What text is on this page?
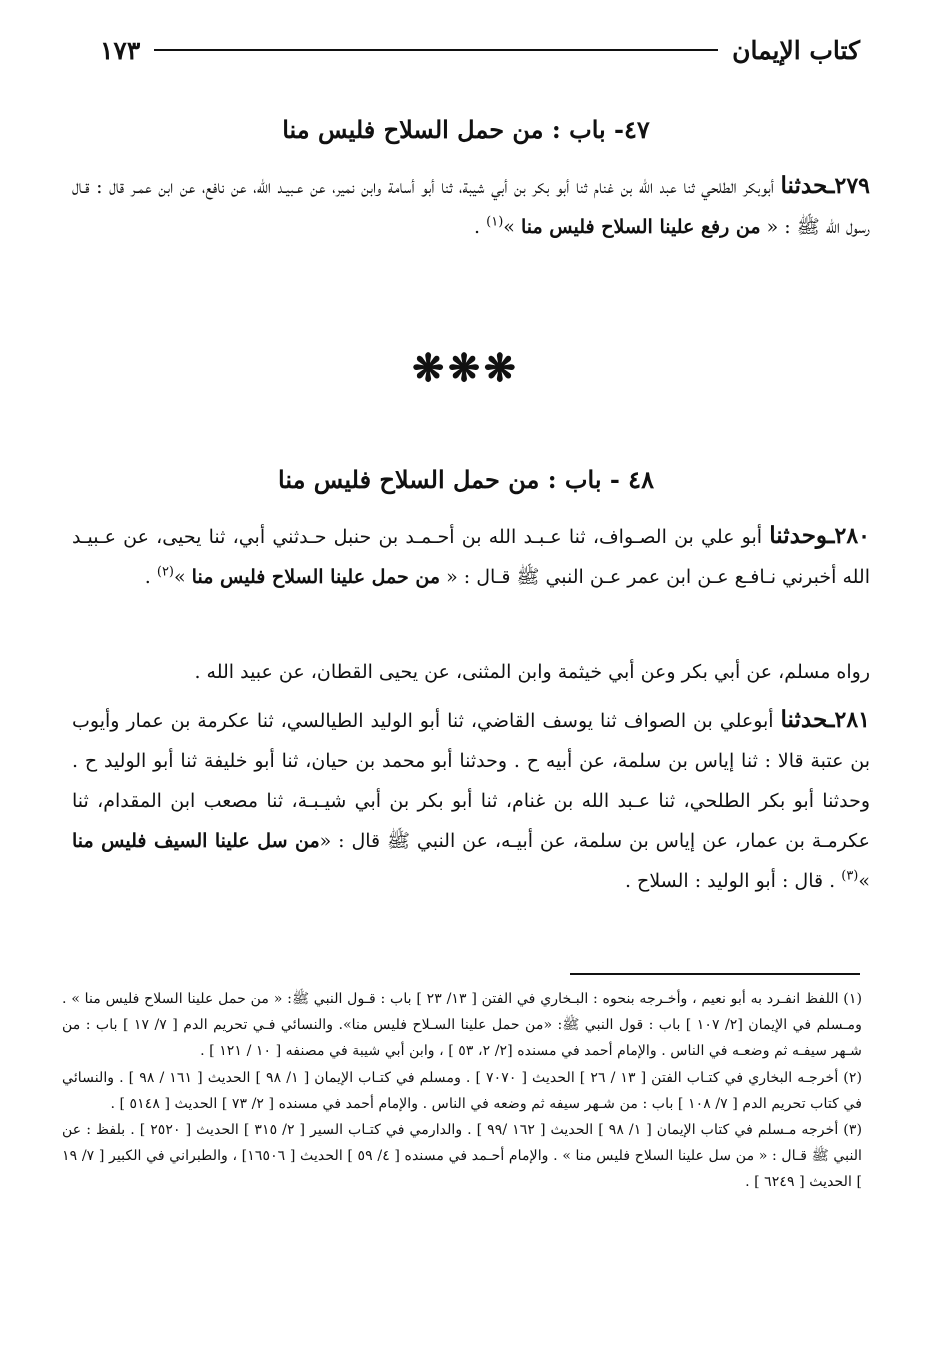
كتاب الإيمان
١٧٣
٤٧- باب : من حمل السلاح فليس منا
٢٧٩ـحدثنا أبوبكر الطلحي ثنا عبد الله بن غنام ثنا أبو بكر بن أبي شيبة، ثنا أبو أسامة وابن نمير، عن عـبيـد الله، عن نافع، عن ابن عمـر قال : قـال رسول الله ﷺ : « من رفع علينا السلاح فليس منا »$^{(١)}$ .
❋❋❋
٤٨ - باب : من حمل السلاح فليس منا
٢٨٠ـوحدثنا أبو علي بن الصـواف، ثنا عـبـد الله بن أحـمـد بن حنبل حـدثني أبي، ثنا يحيى، عن عـبيـد الله أخبرني نـافـع عـن ابن عمر عـن النبي ﷺ قـال : « من حمل علينا السلاح فليس منا »$^{(٢)}$ .
رواه مسلم، عن أبي بكر وعن أبي خيثمة وابن المثنى، عن يحيى القطان، عن عبيد الله .
٢٨١ـحدثنا أبوعلي بن الصواف ثنا يوسف القاضي، ثنا أبو الوليد الطيالسي، ثنا عكرمة بن عمار وأيوب بن عتبة قالا : ثنا إياس بن سلمة، عن أبيه ح . وحدثنا أبو محمد بن حيان، ثنا أبو خليفة ثنا أبو الوليد ح . وحدثنا أبو بكر الطلحي، ثنا عـبد الله بن غنام، ثنا أبو بكر بن أبي شيـبـة، ثنا مصعب ابن المقدام، ثنا عكرمـة بن عمار، عن إياس بن سلمة، عن أبيـه، عن النبي ﷺ قال : «من سل علينا السيف فليس منا »$^{(٣)}$ . قال : أبو الوليد : السلاح .

(١) اللفظ انفـرد به أبو نعيم ، وأخـرجه بنحوه : البـخاري في الفتن [ ١٣/ ٢٣ ] باب : قـول النبي ﷺ: « من حمل علينا السلاح فليس منا » . ومـسلم في الإيمان [٢/ ١٠٧ ] باب : قول النبي ﷺ: «من حمل علينا السـلاح فليس منا». والنسائي فـي تحريم الدم [ ٧/ ١٧ ] باب : من شـهر سيفـه ثم وضعـه في الناس . والإمام أحمد في مسنده [٢/ ٢، ٥٣ ] ، وابن أبي شيبة في مصنفه [ ١٠ / ١٢١ ] .

(٢) أخرجـه البخاري في كتـاب الفتن [ ١٣ / ٢٦ ] الحديث [ ٧٠٧٠ ] . ومسلم في كتـاب الإيمان [ ١/ ٩٨ ] الحديث [ ١٦١ / ٩٨ ] . والنسائي في كتاب تحريم الدم [ ٧/ ١٠٨ ] باب : من شـهر سيفه ثم وضعه في الناس . والإمام أحمد في مسنده [ ٢/ ٧٣ ] الحديث [ ٥١٤٨ ] .

(٣) أخرجه مـسلم في كتاب الإيمان [ ١/ ٩٨ ] الحديث [ ١٦٢ /٩٩ ] . والدارمي في كتـاب السير [ ٢/ ٣١٥ ] الحديث [ ٢٥٢٠ ] . بلفظ : عن النبي ﷺ قـال : « من سل علينا السلاح فليس منا » . والإمام أحـمد في مسنده [ ٤/ ٥٩ ] الحديث [ ١٦٥٠٦] ، والطبراني في الكبير [ ٧/ ١٩ ] الحديث [ ٦٢٤٩ ] .
